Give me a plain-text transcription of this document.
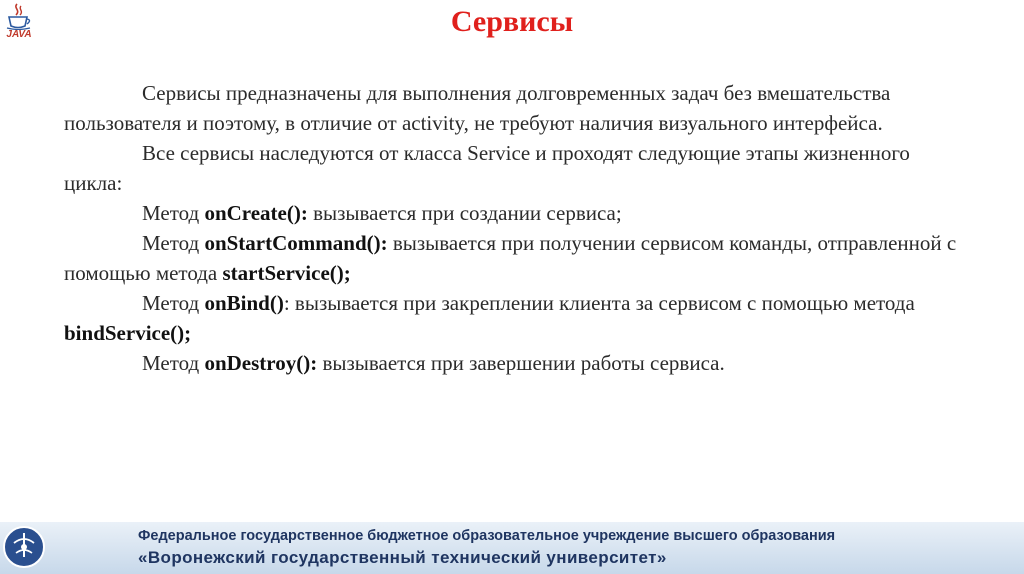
JAVA	Сервисы

Сервисы предназначены для выполнения долговременных задач без вмешательства пользователя и поэтому, в отличие от activity, не требуют наличия визуального интерфейса.

Все сервисы наследуются от класса Service и проходят следующие этапы жизненного цикла:

Метод onCreate(): вызывается при создании сервиса;

Метод onStartCommand(): вызывается при получении сервисом команды, отправленной с помощью метода startService();

Метод onBind(): вызывается при закреплении клиента за сервисом с помощью метода bindService();

Метод onDestroy(): вызывается при завершении работы сервиса.

Федеральное государственное бюджетное образовательное учреждение высшего образования
«Воронежский государственный технический университет»
